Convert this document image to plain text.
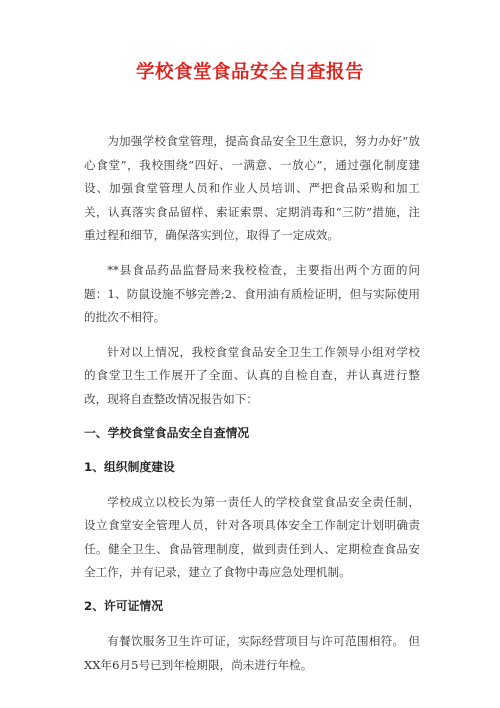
学校食堂食品安全自查报告

为加强学校食堂管理，提高食品安全卫生意识，努力办好“放心食堂”，我校围绕“四好、一满意、一放心”，通过强化制度建设、加强食堂管理人员和作业人员培训、严把食品采购和加工关，认真落实食品留样、索证索票、定期消毒和“三防”措施，注重过程和细节，确保落实到位，取得了一定成效。

**县食品药品监督局来我校检查，主要指出两个方面的问题：1、防鼠设施不够完善;2、食用油有质检证明，但与实际使用的批次不相符。

针对以上情况，我校食堂食品安全卫生工作领导小组对学校的食堂卫生工作展开了全面、认真的自检自查，并认真进行整改，现将自查整改情况报告如下：

一、学校食堂食品安全自查情况

1、组织制度建设

学校成立以校长为第一责任人的学校食堂食品安全责任制，设立食堂安全管理人员，针对各项具体安全工作制定计划明确责任。健全卫生、食品管理制度，做到责任到人、定期检查食品安全工作，并有记录，建立了食物中毒应急处理机制。

2、许可证情况

有餐饮服务卫生许可证，实际经营项目与许可范围相符。 但XX年6月5号已到年检期限，尚未进行年检。
